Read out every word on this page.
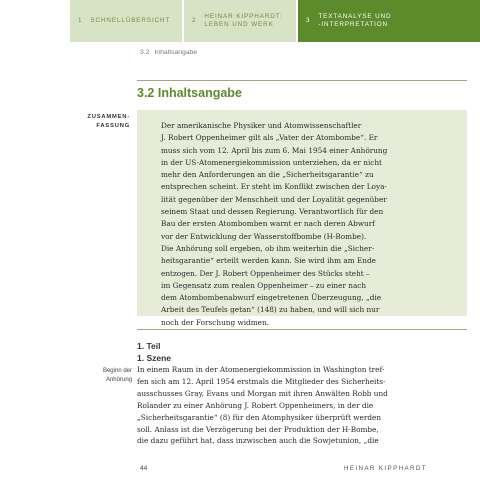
1 SCHNELLÜBERSICHT	2
HEINAR KIPPHARDT:
LEBEN UND WERK
3
TEXTANALYSE UND
-INTERPRETATION
3.2 Inhaltsangabe
3.2 Inhaltsangabe
ZUSAMMEN-
FASSUNG	Der amerikanische Physiker und Atomwissenschaftler
J. Robert Oppenheimer gilt als „Vater der Atombombe“. Er
muss sich vom 12. April bis zum 6. Mai 1954 einer Anhörung
in der US-Atomenergiekommission unterziehen, da er nicht
mehr den Anforderungen an die „Sicherheitsgarantie“ zu
entsprechen scheint. Er steht im Konflikt zwischen der Loya-
lität gegenüber der Menschheit und der Loyalität gegenüber
seinem Staat und dessen Regierung. Verantwortlich für den
Bau der ersten Atombomben warnt er nach deren Abwurf
vor der Entwicklung der Wasserstoffbombe (H-Bombe).
Die Anhörung soll ergeben, ob ihm weiterhin die „Sicher-
heitsgarantie“ erteilt werden kann. Sie wird ihm am Ende
entzogen. Der J. Robert Oppenheimer des Stücks steht –
im Gegensatz zum realen Oppenheimer – zu einer nach
dem Atombombenabwurf eingetretenen Überzeugung, „die
Arbeit des Teufels getan“ (148) zu haben, und will sich nur
noch der Forschung widmen.

1. Teil
1. Szene
Beginn der
Anhörung

In einem Raum in der Atomenergiekommission in Washington tref-
fen sich am 12. April 1954 erstmals die Mitglieder des Sicherheits-
ausschusses Gray, Evans und Morgan mit ihren Anwälten Robb und
Rolander zu einer Anhörung J. Robert Oppenheimers, in der die
„Sicherheitsgarantie“ (8) für den Atomphysiker überprüft werden
soll. Anlass ist die Verzögerung bei der Produktion der H-Bombe,
die dazu geführt hat, dass inzwischen auch die Sowjetunion, „die

44	HEINAR KIPPHARDT
